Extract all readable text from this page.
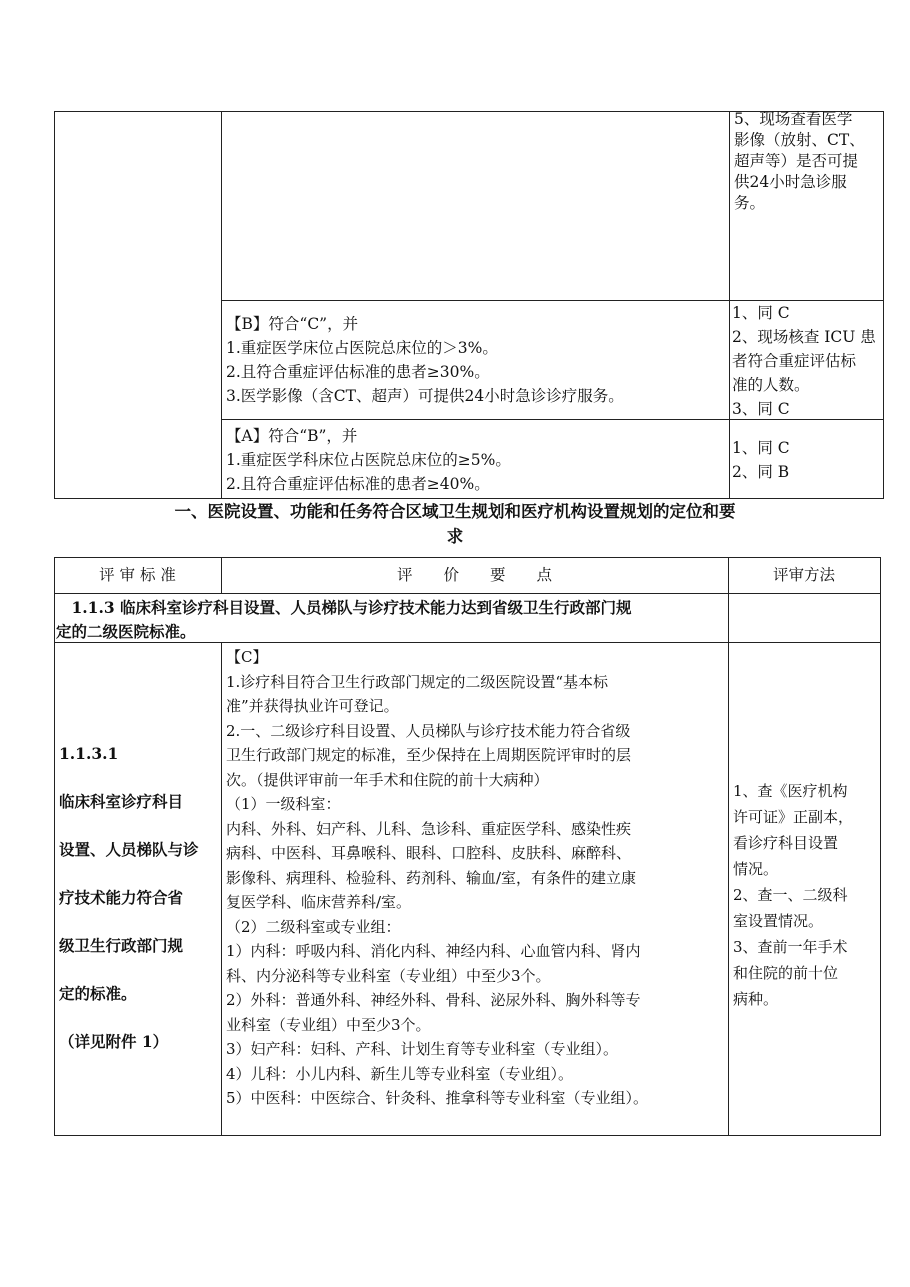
5、现场查看医学
影像（放射、CT、
超声等）是否可提
供24小时急诊服
务。
【B】符合“C”，并
1.重症医学床位占医院总床位的＞3%。
2.且符合重症评估标准的患者≥30%。
3.医学影像（含CT、超声）可提供24小时急诊诊疗服务。
1、同 C
2、现场核查 ICU 患
者符合重症评估标
准的人数。
3、同 C
【A】符合“B”，并
1.重症医学科床位占医院总床位的≥5%。
2.且符合重症评估标准的患者≥40%。
1、同 C
2、同 B
一、医院设置、功能和任务符合区域卫生规划和医疗机构设置规划的定位和要
求
评 审 标 准	评　　价　　要　　点	评审方法
　1.1.3 临床科室诊疗科目设置、人员梯队与诊疗技术能力达到省级卫生行政部门规
定的二级医院标准。
1.1.3.1
临床科室诊疗科目
设置、人员梯队与诊
疗技术能力符合省
级卫生行政部门规
定的标准。
（详见附件 1）
【C】
1.诊疗科目符合卫生行政部门规定的二级医院设置“基本标
准”并获得执业许可登记。
2.一、二级诊疗科目设置、人员梯队与诊疗技术能力符合省级
卫生行政部门规定的标准，至少保持在上周期医院评审时的层
次。（提供评审前一年手术和住院的前十大病种）
（1）一级科室：
内科、外科、妇产科、儿科、急诊科、重症医学科、感染性疾
病科、中医科、耳鼻喉科、眼科、口腔科、皮肤科、麻醉科、
影像科、病理科、检验科、药剂科、输血/室，有条件的建立康
复医学科、临床营养科/室。
（2）二级科室或专业组：
1）内科：呼吸内科、消化内科、神经内科、心血管内科、肾内
科、内分泌科等专业科室（专业组）中至少3个。
2）外科：普通外科、神经外科、骨科、泌尿外科、胸外科等专
业科室（专业组）中至少3个。
3）妇产科：妇科、产科、计划生育等专业科室（专业组）。
4）儿科：小儿内科、新生儿等专业科室（专业组）。
5）中医科：中医综合、针灸科、推拿科等专业科室（专业组）。
1、查《医疗机构
许可证》正副本，
看诊疗科目设置
情况。
2、查一、二级科
室设置情况。
3、查前一年手术
和住院的前十位
病种。
